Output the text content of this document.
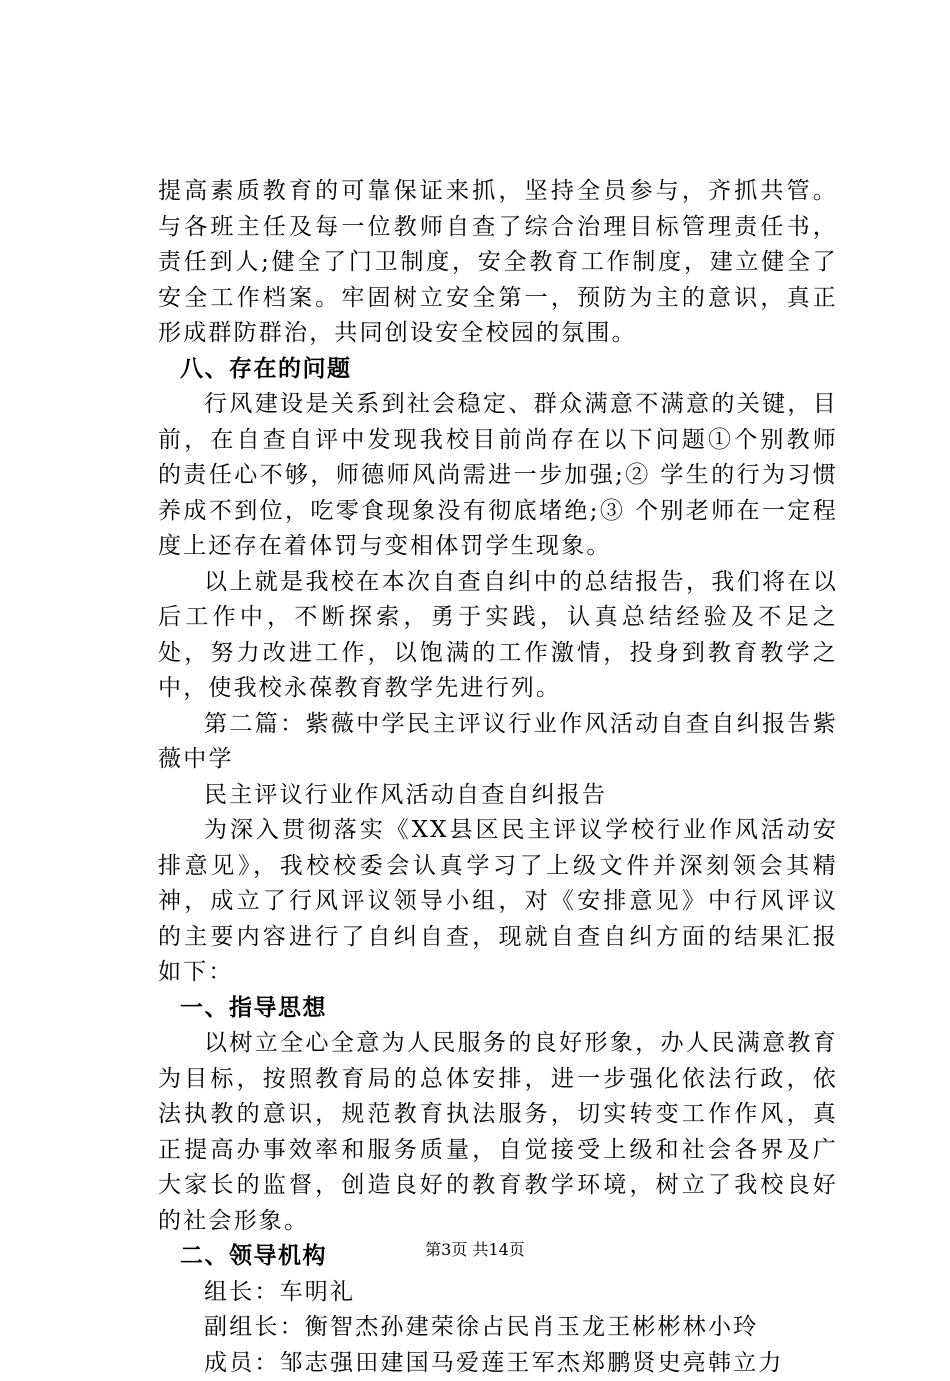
提高素质教育的可靠保证来抓，坚持全员参与，齐抓共管。与各班主任及每一位教师自查了综合治理目标管理责任书，责任到人;健全了门卫制度，安全教育工作制度，建立健全了安全工作档案。牢固树立安全第一，预防为主的意识，真正形成群防群治，共同创设安全校园的氛围。

八、存在的问题

行风建设是关系到社会稳定、群众满意不满意的关键，目前，在自查自评中发现我校目前尚存在以下问题①个别教师的责任心不够，师德师风尚需进一步加强;② 学生的行为习惯养成不到位，吃零食现象没有彻底堵绝;③ 个别老师在一定程度上还存在着体罚与变相体罚学生现象。

以上就是我校在本次自查自纠中的总结报告，我们将在以后工作中，不断探索，勇于实践，认真总结经验及不足之处，努力改进工作，以饱满的工作激情，投身到教育教学之中，使我校永葆教育教学先进行列。

第二篇：紫薇中学民主评议行业作风活动自查自纠报告紫薇中学

民主评议行业作风活动自查自纠报告

为深入贯彻落实《XX县区民主评议学校行业作风活动安排意见》，我校校委会认真学习了上级文件并深刻领会其精神，成立了行风评议领导小组，对《安排意见》中行风评议的主要内容进行了自纠自查，现就自查自纠方面的结果汇报如下：

一、指导思想

以树立全心全意为人民服务的良好形象，办人民满意教育为目标，按照教育局的总体安排，进一步强化依法行政，依法执教的意识，规范教育执法服务，切实转变工作作风，真正提高办事效率和服务质量，自觉接受上级和社会各界及广大家长的监督，创造良好的教育教学环境，树立了我校良好的社会形象。

二、领导机构

组长：车明礼

副组长：衡智杰孙建荣徐占民肖玉龙王彬彬林小玲

成员：邹志强田建国马爱莲王军杰郑鹏贤史亮韩立力

第3页 共14页
